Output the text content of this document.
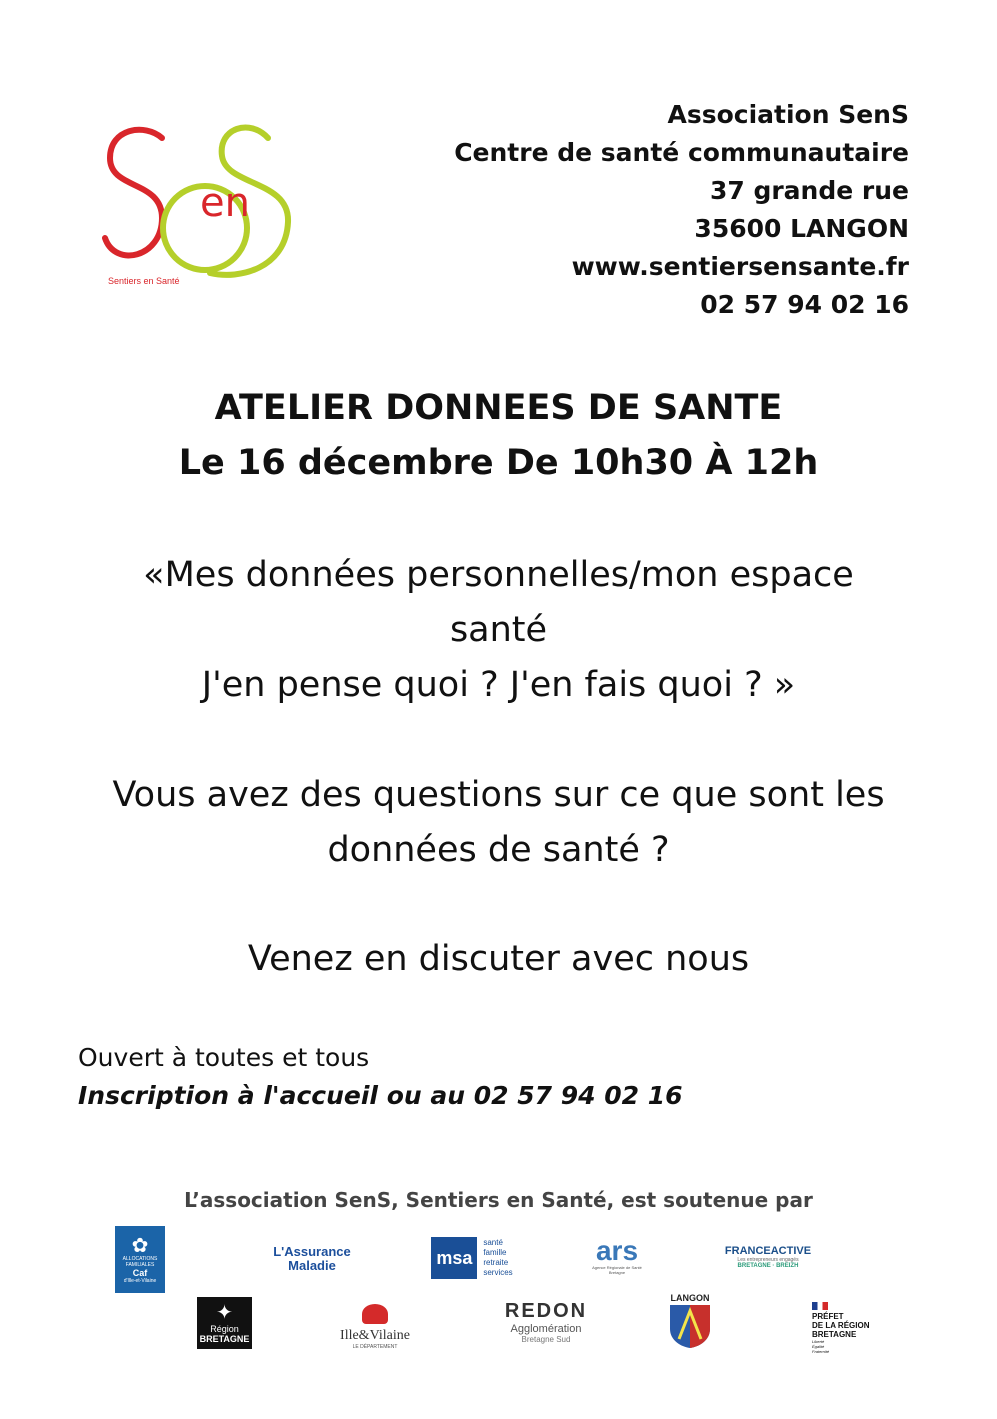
en
Sentiers en Santé
Association SenS
Centre de santé communautaire
37 grande rue
35600 LANGON
www.sentiersensante.fr
02 57 94 02 16
ATELIER DONNEES DE SANTE
Le 16 décembre De 10h30 À 12h
«Mes données personnelles/mon espace
santé
J'en pense quoi ? J'en fais quoi ? »
Vous avez des questions sur ce que sont les
données de santé ?
Venez en discuter avec nous
Ouvert à toutes et tous
Inscription à l'accueil ou au 02 57 94 02 16
L’association SenS, Sentiers en Santé, est soutenue par
✿
ALLOCATIONS
FAMILIALES
Caf
d'Ille-et-Vilaine
L'Assurance
Maladie	msa
santé
famille
retraite
services
ars
Agence Régionale de Santé Bretagne
FRANCEACTIVE
Les entrepreneurs engagés
BRETAGNE · BREIZH
✦
Région
BRETAGNE	Ille&Vilaine
LE DÉPARTEMENT
REDON
Agglomération
Bretagne Sud
LANGON
PRÉFET
DE LA RÉGION
BRETAGNE
Liberté
Égalité
Fraternité
